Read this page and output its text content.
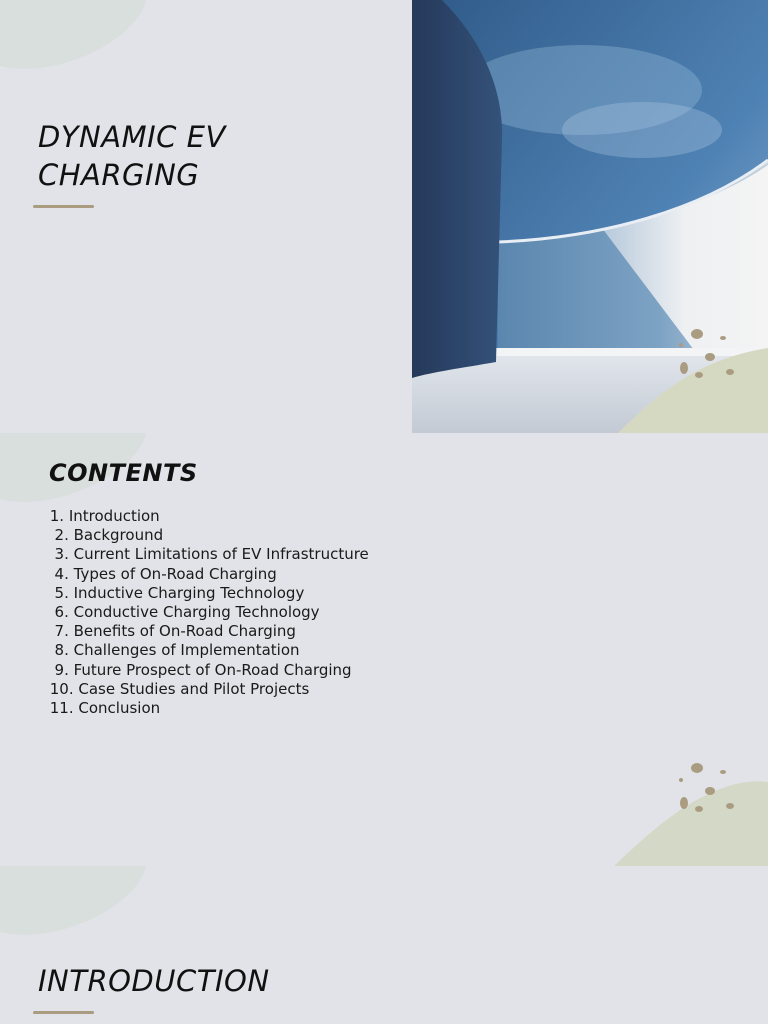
DYNAMIC EV CHARGING
CONTENTS
1. Introduction
2. Background
3. Current Limitations of EV Infrastructure
4. Types of On-Road Charging
5. Inductive Charging Technology
6. Conductive Charging Technology
7. Benefits of On-Road Charging
8. Challenges of Implementation
9. Future Prospect of On-Road Charging
10. Case Studies and Pilot Projects
11. Conclusion
INTRODUCTION
